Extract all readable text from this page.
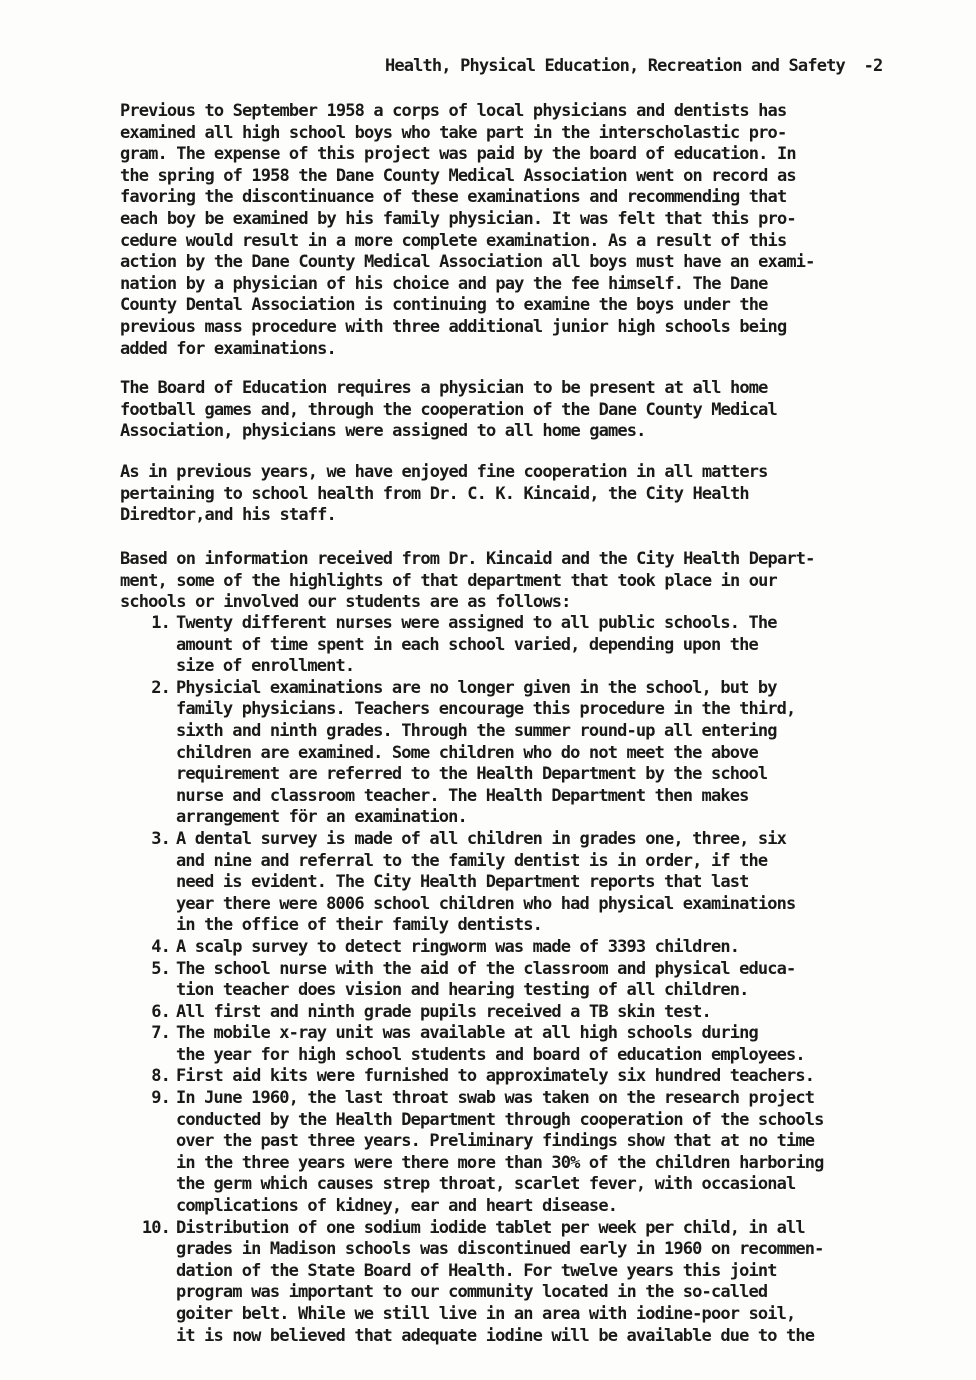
Health, Physical Education, Recreation and Safety -2
Previous to September 1958 a corps of local physicians and dentists has
examined all high school boys who take part in the interscholastic pro-
gram. The expense of this project was paid by the board of education. In
the spring of 1958 the Dane County Medical Association went on record as
favoring the discontinuance of these examinations and recommending that
each boy be examined by his family physician. It was felt that this pro-
cedure would result in a more complete examination. As a result of this
action by the Dane County Medical Association all boys must have an exami-
nation by a physician of his choice and pay the fee himself. The Dane
County Dental Association is continuing to examine the boys under the
previous mass procedure with three additional junior high schools being
added for examinations.
The Board of Education requires a physician to be present at all home
football games and, through the cooperation of the Dane County Medical
Association, physicians were assigned to all home games.
As in previous years, we have enjoyed fine cooperation in all matters
pertaining to school health from Dr. C. K. Kincaid, the City Health
Diredtor,and his staff.
Based on information received from Dr. Kincaid and the City Health Depart-
ment, some of the highlights of that department that took place in our
schools or involved our students are as follows:
1. Twenty different nurses were assigned to all public schools. The
amount of time spent in each school varied, depending upon the
size of enrollment.
2. Physicial examinations are no longer given in the school, but by
family physicians. Teachers encourage this procedure in the third,
sixth and ninth grades. Through the summer round-up all entering
children are examined. Some children who do not meet the above
requirement are referred to the Health Department by the school
nurse and classroom teacher. The Health Department then makes
arrangement för an examination.
3. A dental survey is made of all children in grades one, three, six
and nine and referral to the family dentist is in order, if the
need is evident. The City Health Department reports that last
year there were 8006 school children who had physical examinations
in the office of their family dentists.
4. A scalp survey to detect ringworm was made of 3393 children.
5. The school nurse with the aid of the classroom and physical educa-
tion teacher does vision and hearing testing of all children.
6. All first and ninth grade pupils received a TB skin test.
7. The mobile x-ray unit was available at all high schools during
the year for high school students and board of education employees.
8. First aid kits were furnished to approximately six hundred teachers.
9. In June 1960, the last throat swab was taken on the research project
conducted by the Health Department through cooperation of the schools
over the past three years. Preliminary findings show that at no time
in the three years were there more than 30% of the children harboring
the germ which causes strep throat, scarlet fever, with occasional
complications of kidney, ear and heart disease.
10. Distribution of one sodium iodide tablet per week per child, in all
grades in Madison schools was discontinued early in 1960 on recommen-
dation of the State Board of Health. For twelve years this joint
program was important to our community located in the so-called
goiter belt. While we still live in an area with iodine-poor soil,
it is now believed that adequate iodine will be available due to the
